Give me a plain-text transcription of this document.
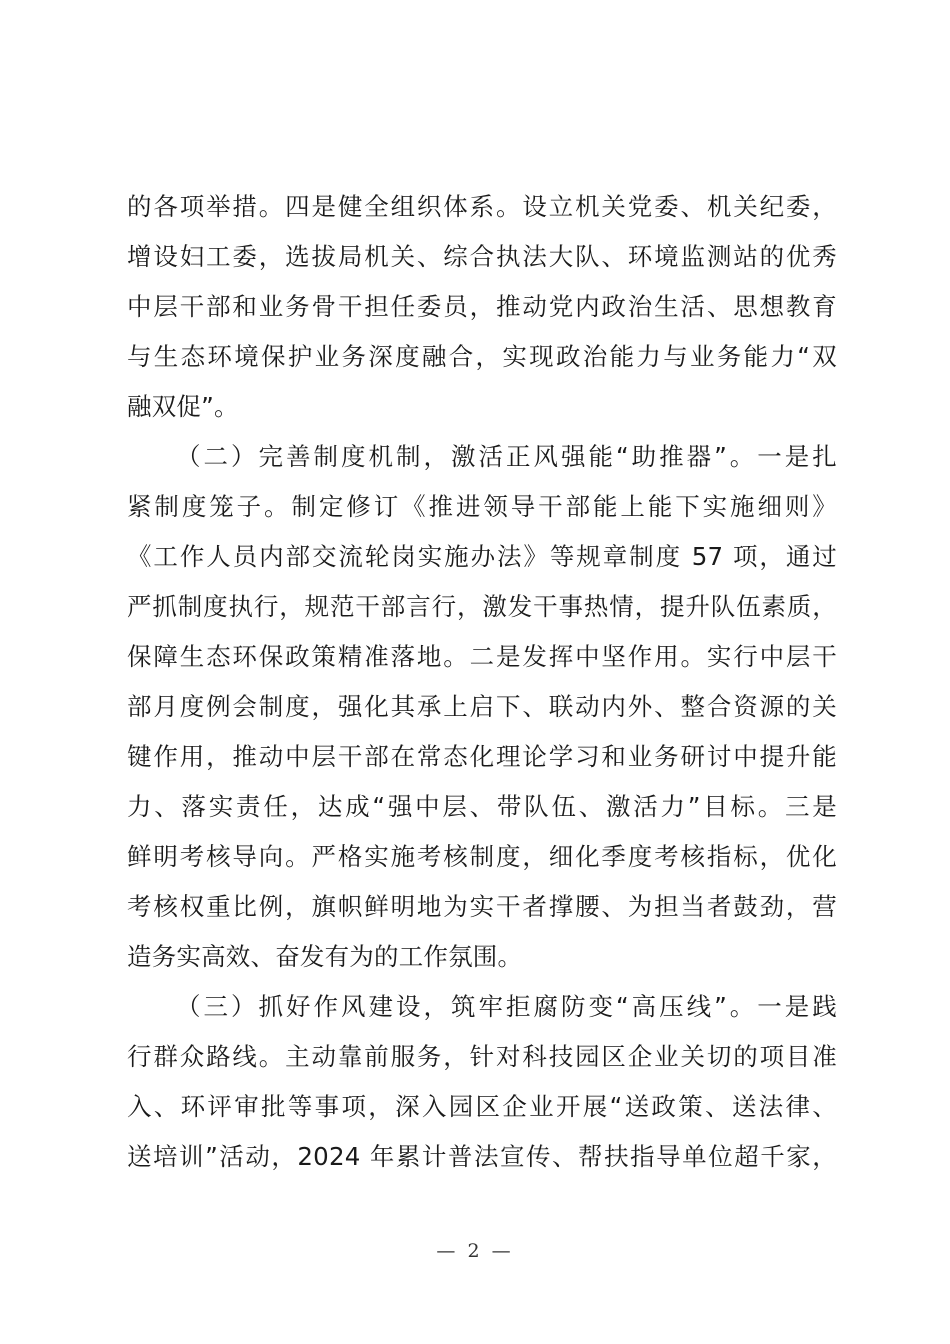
的各项举措。四是健全组织体系。设立机关党委、机关纪委，
增设妇工委，选拔局机关、综合执法大队、环境监测站的优秀
中层干部和业务骨干担任委员，推动党内政治生活、思想教育
与生态环境保护业务深度融合，实现政治能力与业务能力“双
融双促”。
（二）完善制度机制，激活正风强能“助推器”。一是扎
紧制度笼子。制定修订《推进领导干部能上能下实施细则》
《工作人员内部交流轮岗实施办法》等规章制度 57 项，通过
严抓制度执行，规范干部言行，激发干事热情，提升队伍素质，
保障生态环保政策精准落地。二是发挥中坚作用。实行中层干
部月度例会制度，强化其承上启下、联动内外、整合资源的关
键作用，推动中层干部在常态化理论学习和业务研讨中提升能
力、落实责任，达成“强中层、带队伍、激活力”目标。三是
鲜明考核导向。严格实施考核制度，细化季度考核指标，优化
考核权重比例，旗帜鲜明地为实干者撑腰、为担当者鼓劲，营
造务实高效、奋发有为的工作氛围。
（三）抓好作风建设，筑牢拒腐防变“高压线”。一是践
行群众路线。主动靠前服务，针对科技园区企业关切的项目准
入、环评审批等事项，深入园区企业开展“送政策、送法律、
送培训”活动，2024 年累计普法宣传、帮扶指导单位超千家，
— 2 —
